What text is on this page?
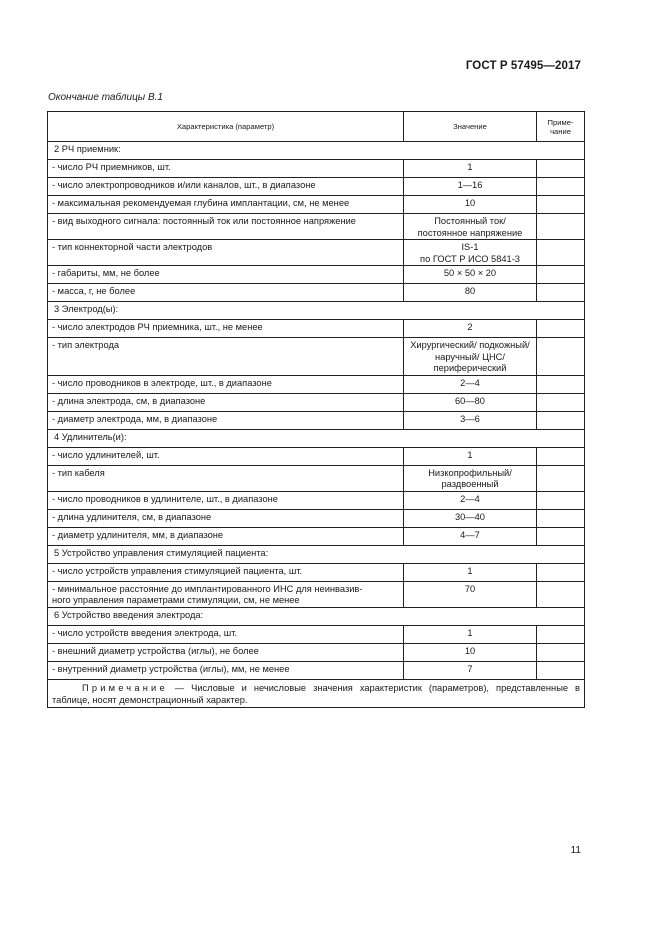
ГОСТ Р 57495—2017
Окончание таблицы В.1
Характеристика (параметр)	Значение	Приме-
чание
2 РЧ приемник:		
- число РЧ приемников, шт.	1	
- число электропроводников и/или каналов, шт., в диапазоне	1—16	
- максимальная рекомендуемая глубина имплантации, см, не менее	10	
- вид выходного сигнала: постоянный ток или постоянное напряжение	Постоянный ток/
постоянное напряжение	
- тип коннекторной части электродов	IS-1
по ГОСТ Р ИСО 5841-3	
- габариты, мм, не более	50 × 50 × 20	
- масса, г, не более	80	
3 Электрод(ы):		
- число электродов РЧ приемника, шт., не менее	2	
- тип электрода	Хирургический/ подкожный/
наручный/ ЦНС/
периферический	
- число проводников в электроде, шт., в диапазоне	2—4	
- длина электрода, см, в диапазоне	60—80	
- диаметр электрода, мм, в диапазоне	3—6	
4 Удлинитель(и):		
- число удлинителей, шт.	1	
- тип кабеля	Низкопрофильный/
раздвоенный	
- число проводников в удлинителе, шт., в диапазоне	2—4	
- длина удлинителя, см, в диапазоне	30—40	
- диаметр удлинителя, мм, в диапазоне	4—7	
5 Устройство управления стимуляцией пациента:		
- число устройств управления стимуляцией пациента, шт.	1	
- минимальное расстояние до имплантированного ИНС для неинвазив-
ного управления параметрами стимуляции, см, не менее	70	
6 Устройство введения электрода:		
- число устройств введения электрода, шт.	1	
- внешний диаметр устройства (иглы), не более	10	
- внутренний диаметр устройства (иглы), мм, не менее	7	
Примечание — Числовые и нечисловые значения характеристик (параметров), представленные в таблице, носят демонстрационный характер.		
11
